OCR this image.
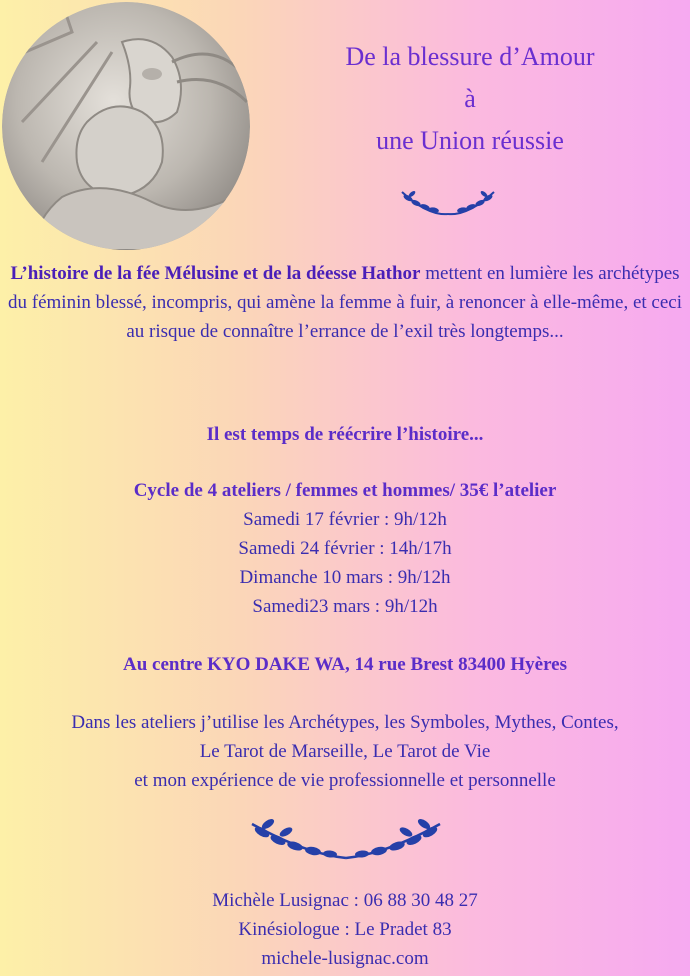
De la blessure d’Amour

à

une Union réussie

L’histoire de la fée Mélusine et de la déesse Hathor mettent en lumière les archétypes du féminin blessé, incompris, qui amène la femme à fuir, à renoncer à elle-même, et ceci au risque de connaître l’errance de l’exil très longtemps...

Il est temps de réécrire l’histoire...

Cycle de 4 ateliers / femmes et hommes/ 35€ l’atelier
Samedi 17 février : 9h/12h
Samedi 24 février : 14h/17h
Dimanche 10 mars : 9h/12h
Samedi23 mars : 9h/12h

Au centre KYO DAKE WA, 14 rue Brest 83400 Hyères

Dans les ateliers j’utilise les Archétypes, les Symboles, Mythes, Contes,
Le Tarot de Marseille, Le Tarot de Vie
et mon expérience de vie professionnelle et personnelle
Michèle Lusignac : 06 88 30 48 27
Kinésiologue : Le Pradet 83
michele-lusignac.com
